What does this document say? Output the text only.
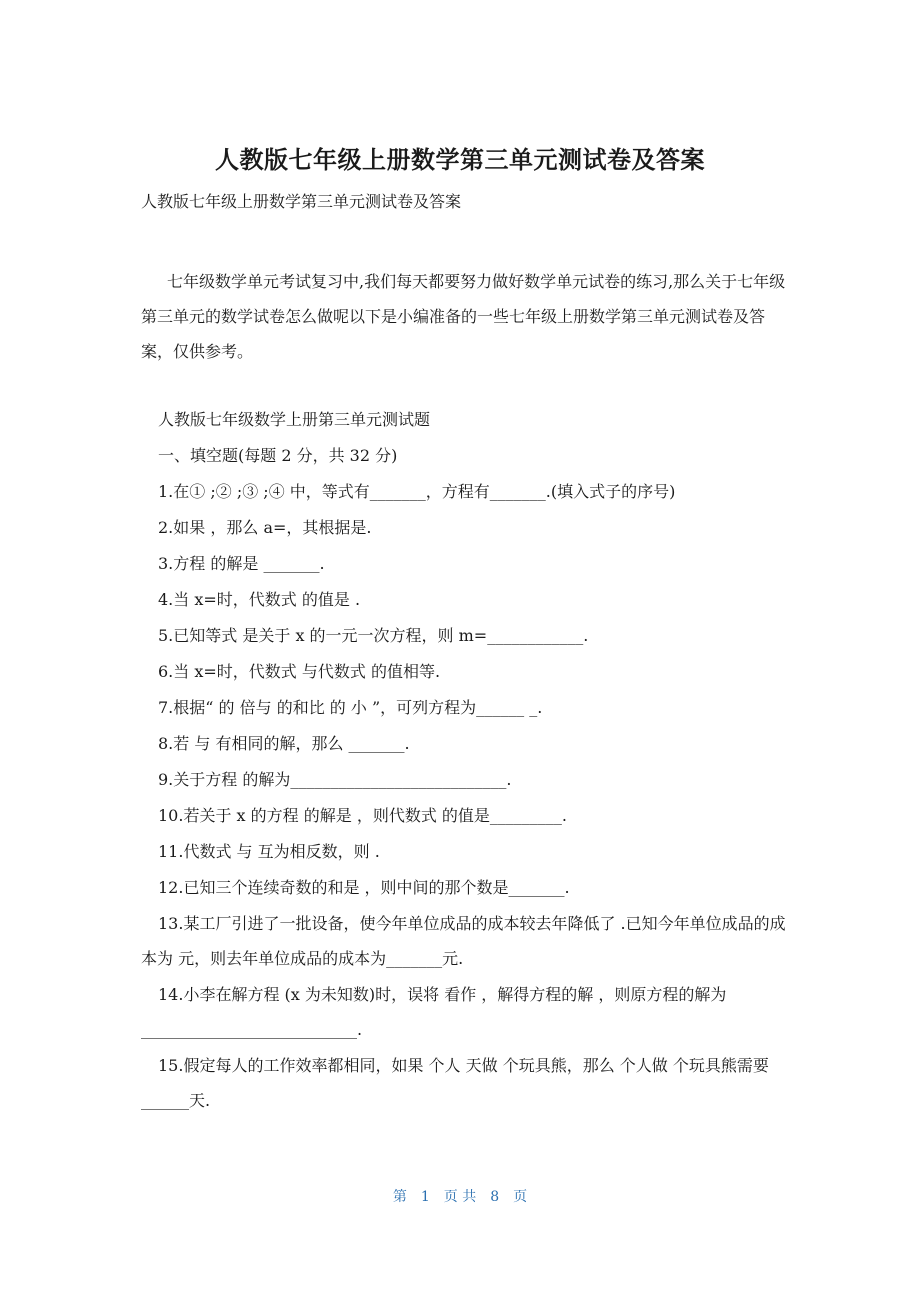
人教版七年级上册数学第三单元测试卷及答案

人教版七年级上册数学第三单元测试卷及答案

七年级数学单元考试复习中,我们每天都要努力做好数学单元试卷的练习,那么关于七年级第三单元的数学试卷怎么做呢以下是小编准备的一些七年级上册数学第三单元测试卷及答案，仅供参考。

人教版七年级数学上册第三单元测试题

一、填空题(每题 2 分，共 32 分)

1.在① ;② ;③ ;④ 中，等式有_______，方程有_______.(填入式子的序号)
2.如果 ，那么 a=，其根据是.
3.方程 的解是 _______.
4.当 x=时，代数式 的值是 .
5.已知等式 是关于 x 的一元一次方程，则 m=____________.
6.当 x=时，代数式 与代数式 的值相等.
7.根据“ 的 倍与 的和比 的 小 ”，可列方程为______ _.
8.若 与 有相同的解，那么 _______.
9.关于方程 的解为___________________________.
10.若关于 x 的方程 的解是 ，则代数式 的值是_________.
11.代数式 与 互为相反数，则 .
12.已知三个连续奇数的和是 ，则中间的那个数是_______.
13.某工厂引进了一批设备，使今年单位成品的成本较去年降低了 .已知今年单位成品的成本为 元，则去年单位成品的成本为_______元.
14.小李在解方程 (x 为未知数)时，误将 看作 ，解得方程的解 ，则原方程的解为___________________________.
15.假定每人的工作效率都相同，如果 个人 天做 个玩具熊，那么 个人做 个玩具熊需要______天.
第 1 页 共 8 页
